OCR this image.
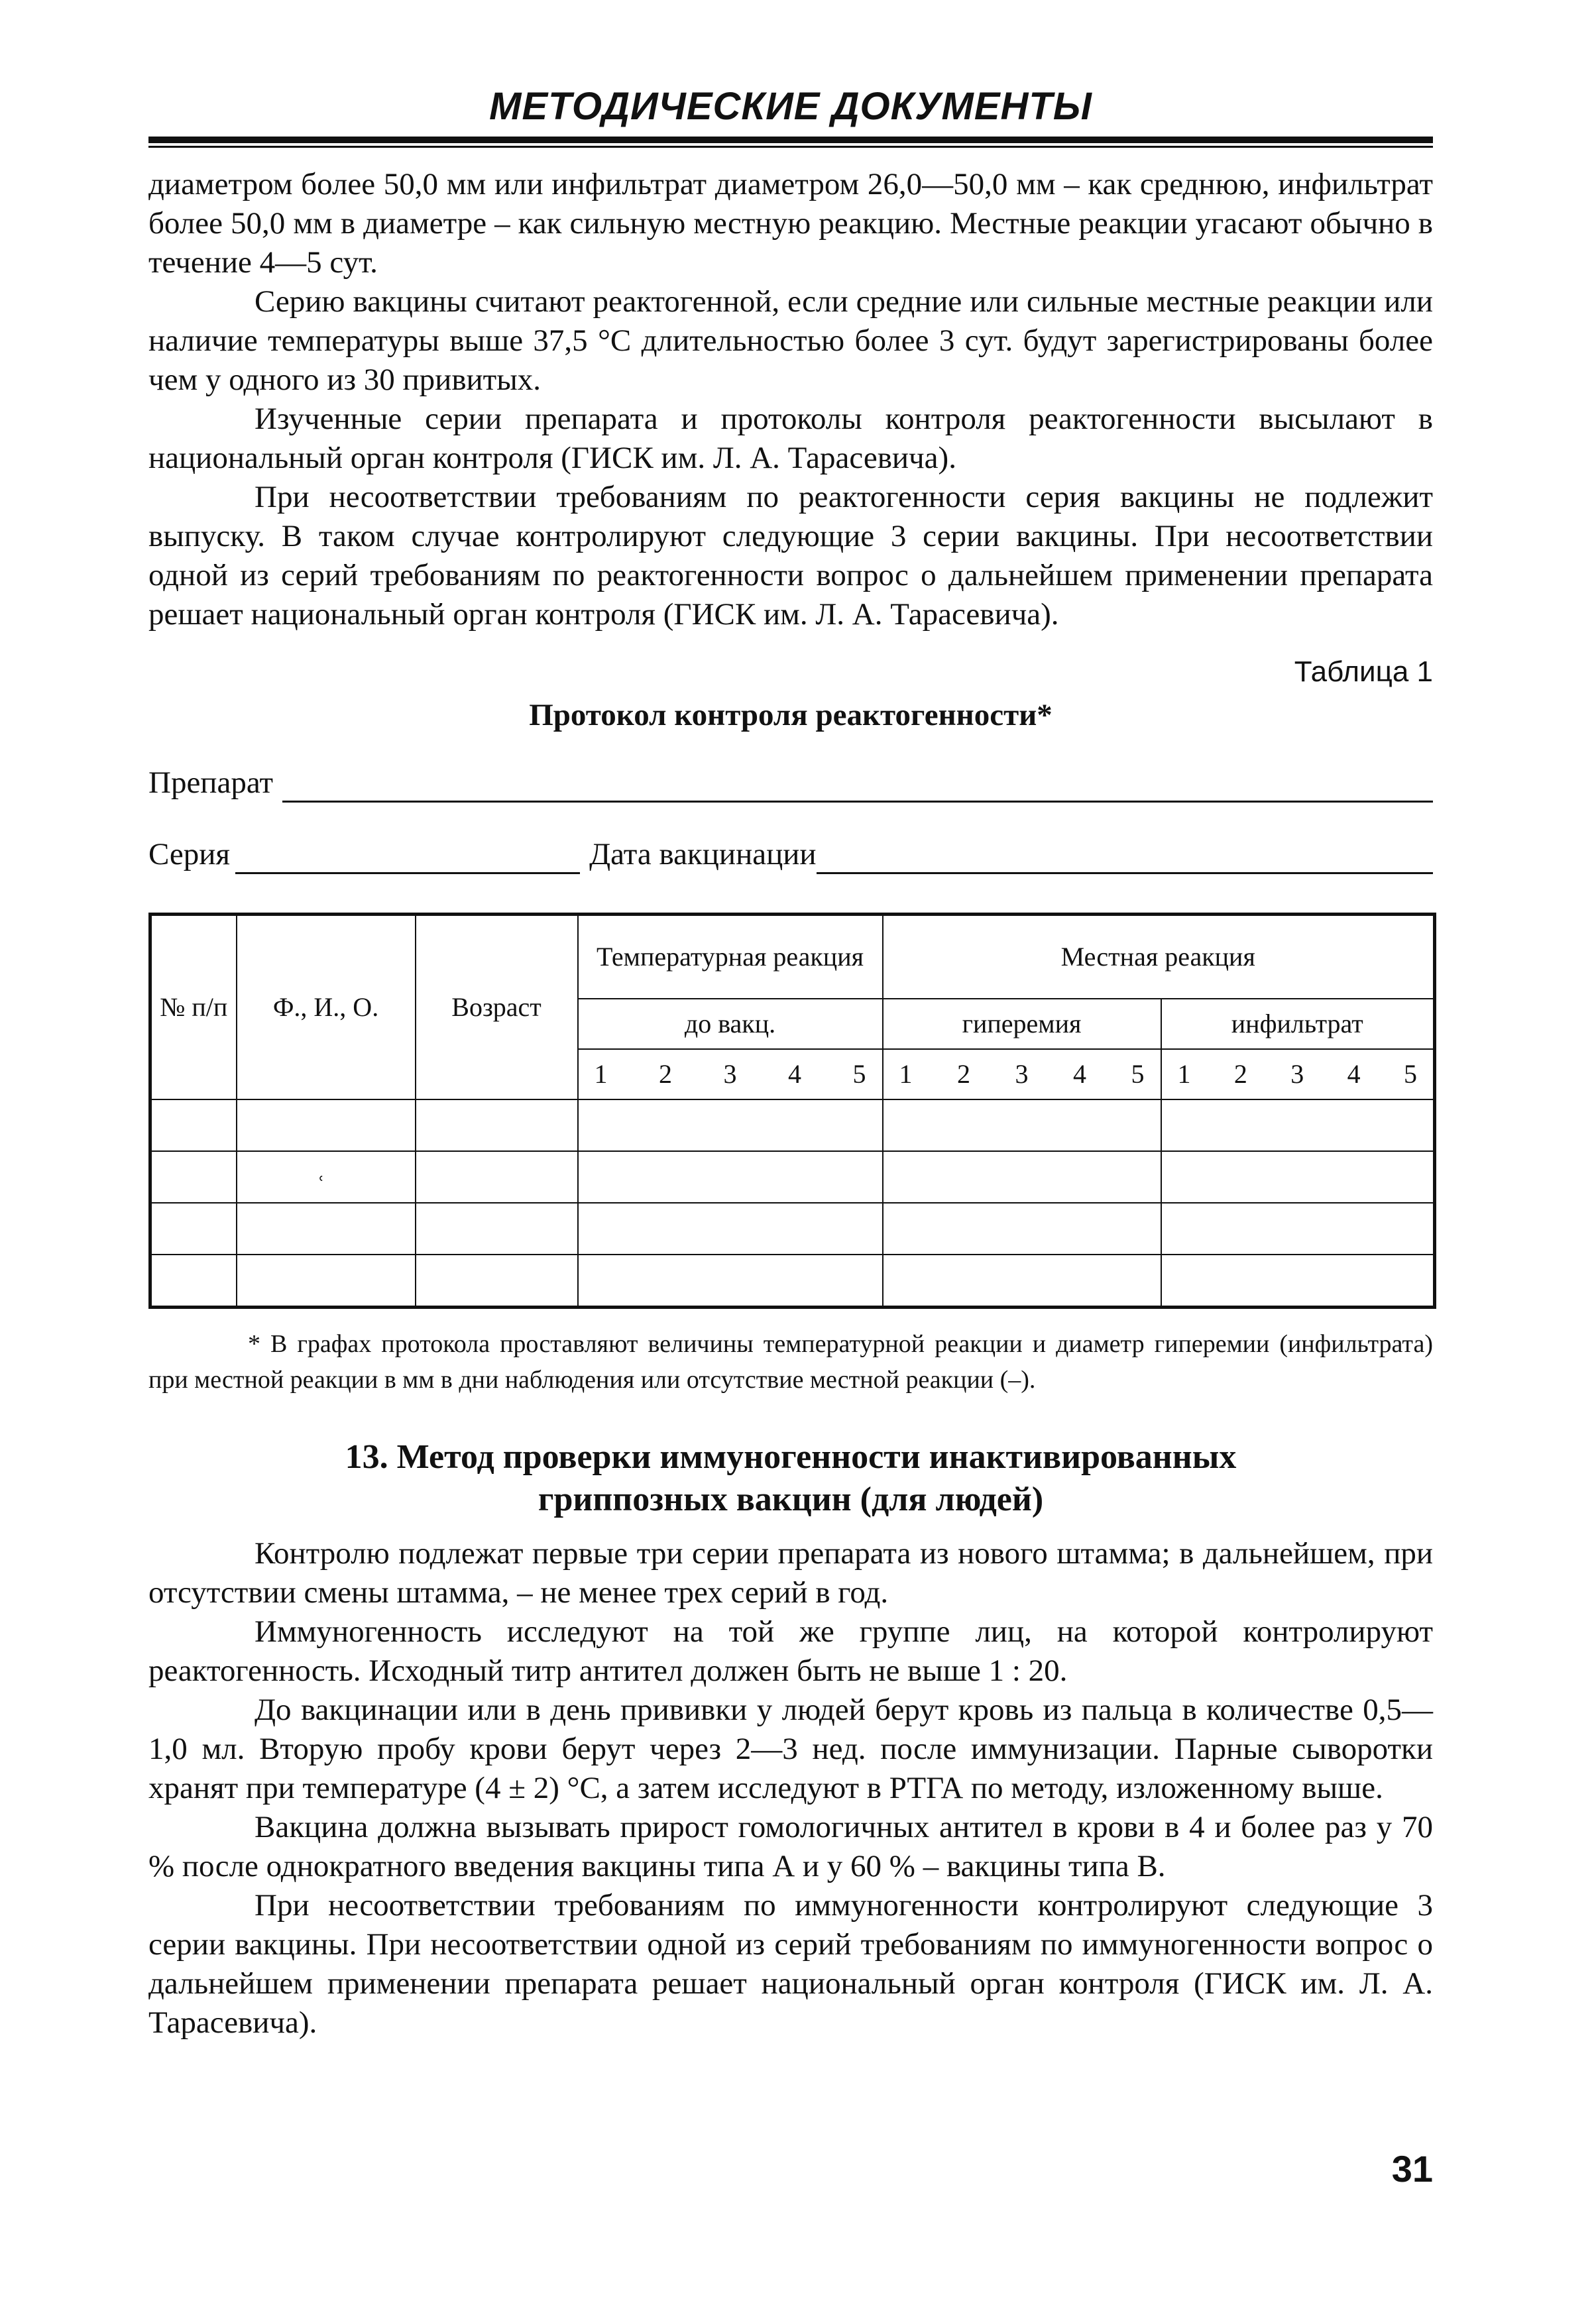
МЕТОДИЧЕСКИЕ ДОКУМЕНТЫ

диаметром более 50,0 мм или инфильтрат диаметром 26,0—50,0 мм – как среднюю, инфильтрат более 50,0 мм в диаметре – как сильную местную реакцию. Местные реакции угасают обычно в течение 4—5 сут.

Серию вакцины считают реактогенной, если средние или сильные местные реакции или наличие температуры выше 37,5 °С длительностью более 3 сут. будут зарегистрированы более чем у одного из 30 привитых.

Изученные серии препарата и протоколы контроля реактогенности высылают в национальный орган контроля (ГИСК им. Л. А. Тарасевича).

При несоответствии требованиям по реактогенности серия вакцины не подлежит выпуску. В таком случае контролируют следующие 3 серии вакцины. При несоответствии одной из серий требованиям по реактогенности вопрос о дальнейшем применении препарата решает национальный орган контроля (ГИСК им. Л. А. Тарасевича).

Таблица 1
Протокол контроля реактогенности*
Препарат
Серия	Дата вакцинации
№ п/п	Ф., И., О.	Возраст	Температурная реакция	Местная реакция	
			до вакц.	гиперемия	инфильтрат

			1 2 3 4 5	1 2 3 4 5	1 2 3 4 5

	ʿ				

* В графах протокола проставляют величины температурной реакции и диаметр гиперемии (инфильтрата) при местной реакции в мм в дни наблюдения или отсутствие местной реакции (–).

13. Метод проверки иммуногенности инактивированных
гриппозных вакцин (для людей)

Контролю подлежат первые три серии препарата из нового штамма; в дальнейшем, при отсутствии смены штамма, – не менее трех серий в год.

Иммуногенность исследуют на той же группе лиц, на которой контролируют реактогенность. Исходный титр антител должен быть не выше 1 : 20.

До вакцинации или в день прививки у людей берут кровь из пальца в количестве 0,5—1,0 мл. Вторую пробу крови берут через 2—3 нед. после иммунизации. Парные сыворотки хранят при температуре (4 ± 2) °С, а затем исследуют в РТГА по методу, изложенному выше.

Вакцина должна вызывать прирост гомологичных антител в крови в 4 и более раз у 70 % после однократного введения вакцины типа А и у 60 % – вакцины типа В.

При несоответствии требованиям по иммуногенности контролируют следующие 3 серии вакцины. При несоответствии одной из серий требованиям по иммуногенности вопрос о дальнейшем применении препарата решает национальный орган контроля (ГИСК им. Л. А. Тарасевича).

31
